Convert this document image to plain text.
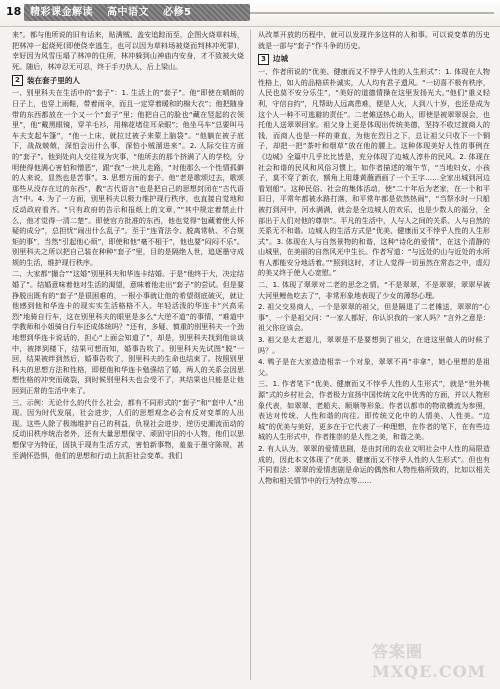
18 精彩课金解读 高中语文 必修5

来”。都与他所说的旧有话来，贴满贼、盖安追踪而至，企图火烧草料场，把林冲一起烧死(即使侥幸逃生，也可以因为草料场被烧而判林冲死罪)，幸好因为风雪压塌了林冲的住所，林冲躲到山神庙内安身，才不致被火烧死。随后，林冲忍无可忍，终于手刃仇人，后上梁山。

2 装在套子里的人

一、别里科夫在生活中的“套子”：1. 生活上的“套子”。他“即使在晴朗的日子上，也穿上雨鞋，带着雨伞，而且一定穿着暖和的棉大衣”；他把随身带的东西都放在一个又一个“套子”里；他把自己的脸也“藏在竖起的衣领里”，他“戴黑眼镜，穿羊毛衫，用棉花堵住耳朵眼”；他坐马车“总要叫马车夫支起车篷”，“他一上床，就拉过被子来蒙上脑袋”。“他躺在被子底下，战战兢兢，深怕会出什么事，深怕小贼溜进来”。2. 人际交往方面的“套子”。他到处向人交往视为灾事，“他所去的那个挤满了人的学校，分明使得他满心害怕和憎恶”，跟“我”一块儿走路，“对他那么一个性情孤僻的人来说，显然也是苦事”。3. 思想方面的套子。他“老是歌颂过去，歌颂那些从没存在过的东西”，教“古代语言”也是把自己的思想封闭在“古代语言”中。4. 为了一方面，别里科夫以极力维护现行秩序，也直接自觉地和反动政府看齐。“只有政府的告示和报纸上的文章，”“其中规定着禁止什么，他才觉得一清二楚”。即使官方批准的东西，他也觉得“包藏着使人怀疑的成分”，总担忧“闹出什么乱子”。至于“连背法令、脱离常轨、不合规矩的事”，当然“引起他心烦”，即使和他“毫不相干”，他也要“闷闷不乐”。别里科夫之所以把自己装在种种“套子”里，目的是隔绝人世，追逐墨守成规的生活，维护现行秩序。

二、大家都“撮合”“这婚”别里科夫和华连卡结婚。于是“他终于大，决定结婚了”。结婚意味着他对生活的渴望，意味着他走出“套子”的尝试。但是要挣脱出既有的“套子”是很困难的，一根小事就让他的希望彻底破灭，就让他感到他和华连卡的现实实生活格格不入。年轻活泼的华连卡“兴高采烈”地骑自行车，这在别里科夫的眼里是多么“大逆不道”的事情，“难道中学教师和小姐骑自行车还成体统吗？”还有，多疑、慎重的别里科夫一个劲地想到华连卡说话的，担心“上面会知道了”，却是，别里科夫找到他谈谈中，被摔到楼下，结果可想而知，婚事告吹了。别里科夫先试图“脱”一回，结果被绊到然后，婚事告吹了，别里科夫的生命也结束了。按照别里科夫的思想方法和性格，即便他和华连卡勉强结了婚，两人的关系会因思想性格的冲突而破裂，到时候别里科夫也会受不了，其结果也只能是让他回到正常的生活中来了。

三、示例：无论什么的代什么社会，都有不同形式的“套子”和“套中人”出现。因为时代发展，社会进步，人们的思想观念必会有反对变革的人出现。这些人除了极端维护自己的利益，仇视社会进步，逆历史潮流而动的反动旧秩序统治者外，还有大量思想保守、顽固守旧的小人物，他们以思想保守为特征，固执于现有生活方式，害怕新事物，羞羞于墨守陈规，甚至满怀恐惧，他们的思想和行动上抗拒社会变革。我们

从改革开放的历程中，就可以发现许多这样的人和事。可以说变革的历史就是一部与“套子”作斗争的历史。

3 边城

一、作者所说的“优美、健康而又不悖乎人性的人生形式”：1. 体现在人物性格上，如人的品格质朴诚实，人人均有君子遗风。“一切喜不极有秩序，人民也莫不安分乐生”，“美好的道德情操在这里发扬光大。”他们“重义轻利，守信自约”，凡帮助人远离患难，便是人火，人到八十岁，也还是成为这个人一种不可逃避的责任”。二老傩送热心助人，即使是被翠翠误会，也托他人送翠翠回家。祖父身上更是体现出传统美德，坚持不收过渡商人的钱，而商人也是一样的秉直，为他在烈日之下，总让祖父只收下一个铜子，却把一把“茶叶和烟草”放在他的腰上。这种体现美好人性的事例在《边城》全篇中几乎比比皆是，充分体现了边城人淳朴的民风。2. 体现在社会和谐的民风和风俗习惯上，如作者描述的端午节，“当地妇女、小孩子，莫不穿了新衣，额角上用雄黄蘸酒画了一个王字……全家出城到河边看划船”。这种民俗、社会的集体活动，使“二十年后为老家，在一个和平旧日，平常年都被水路打落，和平常年都是依然热闹”，“当祭水时一只船被打到河中，河水满满，就会是全边城人的欢乐，也是少数人的福分，全部出于人们对他的尊崇”。平凡的生活中，人与人之间的关系、人与自然的关系无不和谐。边城人的生活方式是“优美、健康而又不悖乎人性的人生形式”。3. 体现在人与自然景物的和谐，这种“诗化的爱情”，在这个清静的山城里，在美丽的自然风光中生长。作者写道：“与远处的山与近处的水所有人都能安分地活着。”“照到这时，才让人觉得一切虽然在常态之中，虚幻的美又终于使人心宽慰。”

二、1. 体现了翠翠对二老的思念之情。“不是翠翠，不是翠翠，翠翠早被大河里鲤鱼吃去了”，非常形象地表现了少女的薄怒心理。

2. 祖父交易商人，一个是翠翠的祖父，但是隔退了二老傩送，翠翠的“心事”，一个是祖父问：“一家人都好，你认识我的一家人吗？”言外之意是：祖父你应该会。

3. 祖父是太老退儿，翠翠是不是要想到了祖父，在进这里做人的时候了吗？。

4. 鸭子是在大家造造相亲一个对象，翠翠不再“非拿”，她心里想的是祖父。

三、1. 作者笔下“优美、健康而又不悖乎人性的人生形式”，就是“世外桃源”式的乡村社会，作者极力宣扬中国传统文化中优秀的方面，并以人物形象代表，如翠翠、老船夫、顺顺等形象。作者以都市的物欲横流为参照，表达对传统、人性和谐的向往。即传统文化中的人情美、人性美。“边城”的优美与美好，更多在于它代表了一种理想，在作者的笔下，在有些边城的人生形式中，作者推崇的是人性之美，和谐之美。

2. 有人认为，翠翠的爱情悲剧，是由封闭的农业文明社会中人性的局限造成的，因此本文体现了“优美、健康而又不悖乎人性的人生形式”。但也有不同看法：翠翠的爱情悲剧是命运的偶然和人物性格所致的，比如以相关人物和相关情节中的行为特点等……

答案圈 MXQE.COM
